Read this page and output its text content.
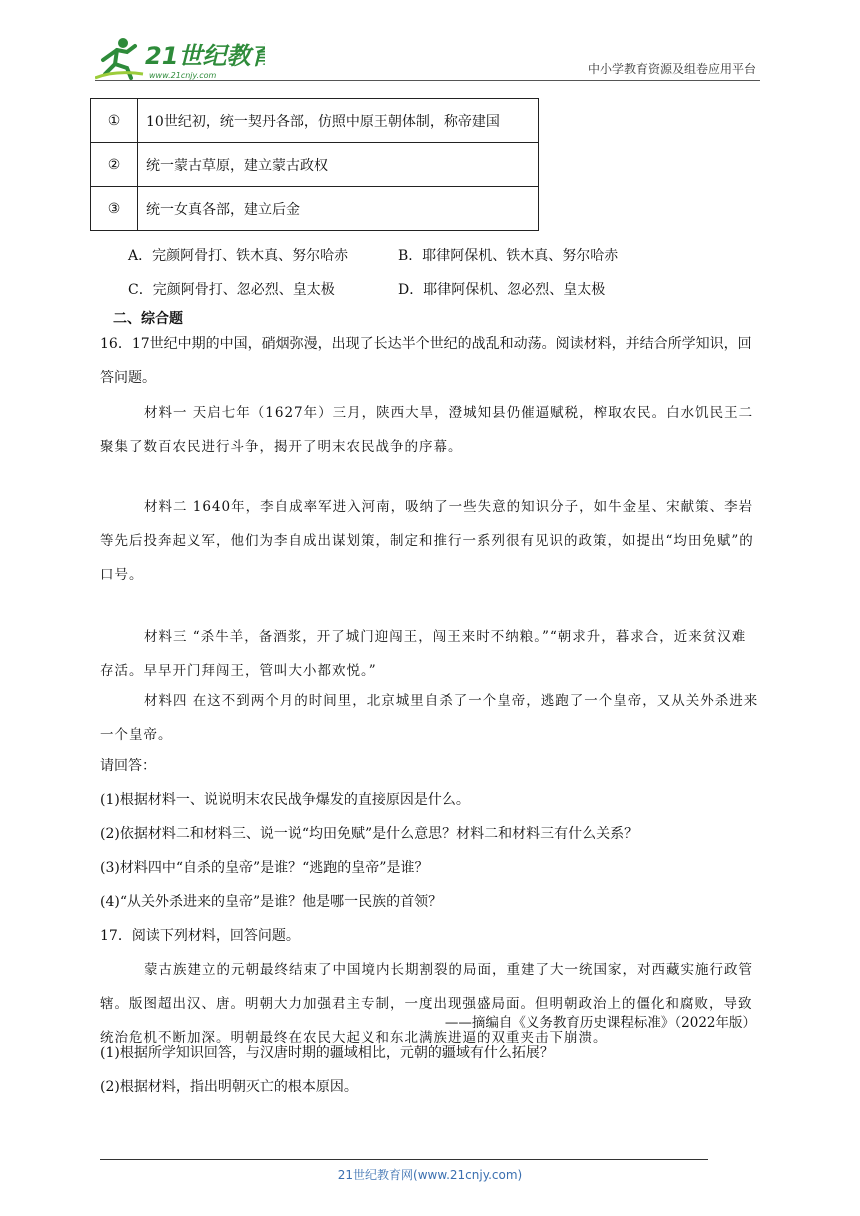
21世纪教育
www.21cnjy.com	中小学教育资源及组卷应用平台
①	10世纪初，统一契丹各部，仿照中原王朝体制，称帝建国
②	统一蒙古草原，建立蒙古政权
③	统一女真各部，建立后金
A．完颜阿骨打、铁木真、努尔哈赤	B．耶律阿保机、铁木真、努尔哈赤
C．完颜阿骨打、忽必烈、皇太极	D．耶律阿保机、忽必烈、皇太极
二、综合题

16．17世纪中期的中国，硝烟弥漫，出现了长达半个世纪的战乱和动荡。阅读材料，并结合所学知识，回答问题。

材料一 天启七年（1627年）三月，陕西大旱，澄城知县仍催逼赋税，榨取农民。白水饥民王二聚集了数百农民进行斗争，揭开了明末农民战争的序幕。

材料二 1640年，李自成率军进入河南，吸纳了一些失意的知识分子，如牛金星、宋献策、李岩等先后投奔起义军，他们为李自成出谋划策，制定和推行一系列很有见识的政策，如提出“均田免赋”的口号。

材料三 “杀牛羊，备酒浆，开了城门迎闯王，闯王来时不纳粮。”“朝求升，暮求合，近来贫汉难存活。早早开门拜闯王，管叫大小都欢悦。”

材料四 在这不到两个月的时间里，北京城里自杀了一个皇帝，逃跑了一个皇帝，又从关外杀进来一个皇帝。

请回答：

(1)根据材料一、说说明末农民战争爆发的直接原因是什么。

(2)依据材料二和材料三、说一说“均田免赋”是什么意思？材料二和材料三有什么关系？

(3)材料四中“自杀的皇帝”是谁？“逃跑的皇帝”是谁？

(4)“从关外杀进来的皇帝”是谁？他是哪一民族的首领？

17．阅读下列材料，回答问题。

蒙古族建立的元朝最终结束了中国境内长期割裂的局面，重建了大一统国家，对西藏实施行政管辖。版图超出汉、唐。明朝大力加强君主专制，一度出现强盛局面。但明朝政治上的僵化和腐败，导致统治危机不断加深。明朝最终在农民大起义和东北满族进逼的双重夹击下崩溃。

——摘编自《义务教育历史课程标准》（2022年版）

(1)根据所学知识回答，与汉唐时期的疆域相比，元朝的疆域有什么拓展？

(2)根据材料，指出明朝灭亡的根本原因。

21世纪教育网(www.21cnjy.com)
